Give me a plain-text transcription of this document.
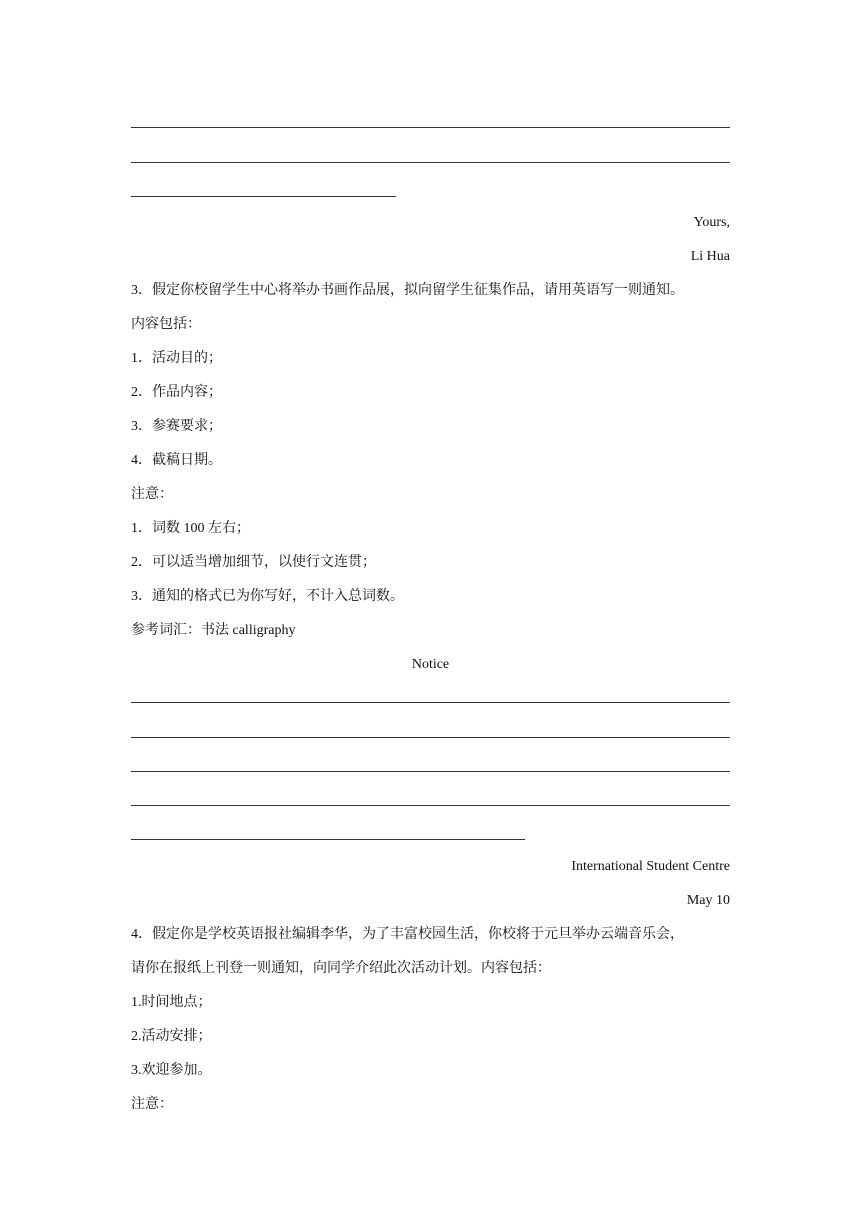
Yours,
Li Hua
3．假定你校留学生中心将举办书画作品展，拟向留学生征集作品，请用英语写一则通知。
内容包括：
1．活动目的；
2．作品内容；
3．参赛要求；
4．截稿日期。
注意：
1．词数 100 左右；
2．可以适当增加细节，以使行文连贯；
3．通知的格式已为你写好，不计入总词数。
参考词汇：书法 calligraphy
Notice
International Student Centre
May 10
4．假定你是学校英语报社编辑李华，为了丰富校园生活，你校将于元旦举办云端音乐会，
请你在报纸上刊登一则通知，向同学介绍此次活动计划。内容包括：
1.时间地点；
2.活动安排；
3.欢迎参加。
注意：
